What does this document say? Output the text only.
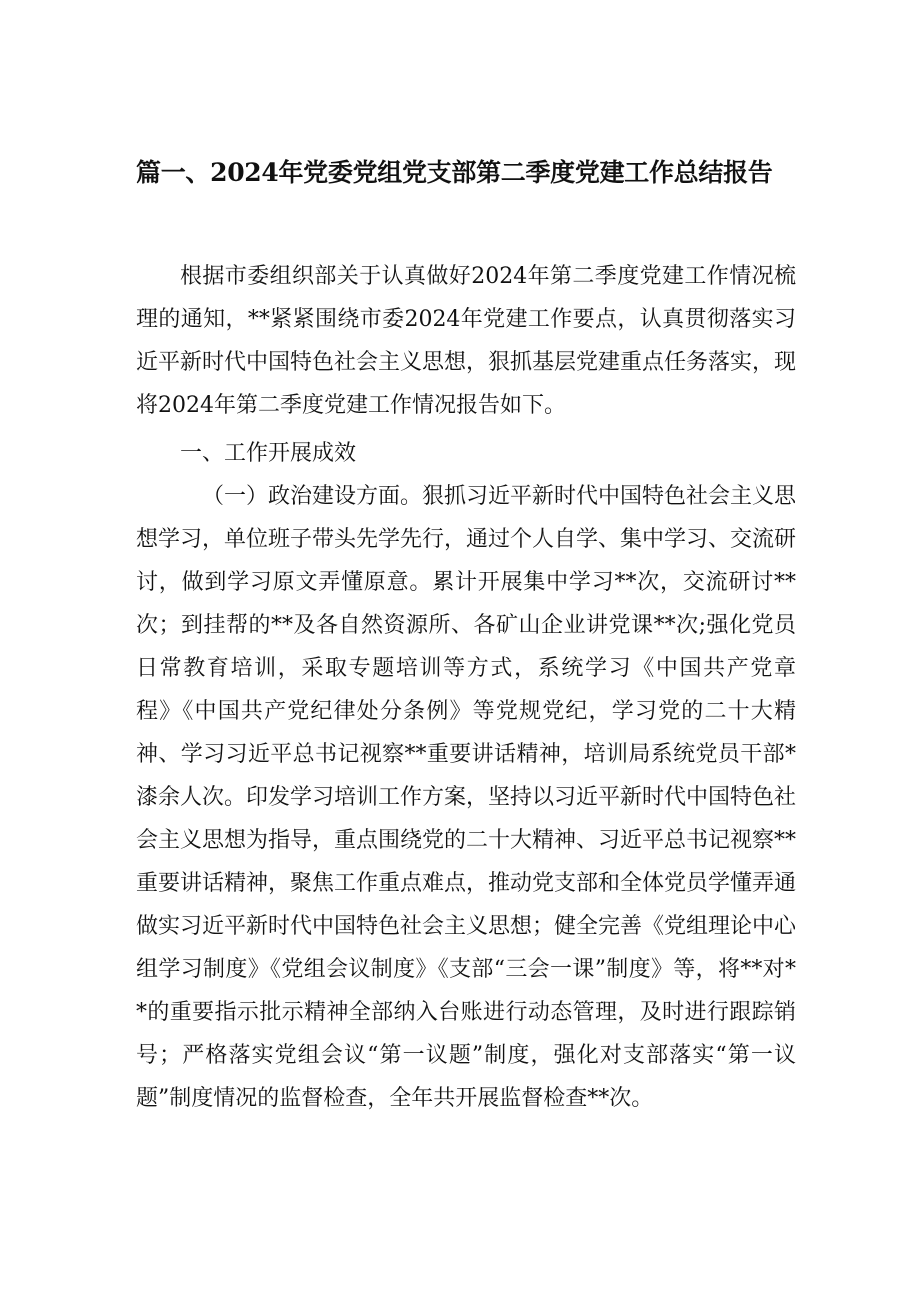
篇一、2024年党委党组党支部第二季度党建工作总结报告

根据市委组织部关于认真做好2024年第二季度党建工作情况梳理的通知，**紧紧围绕市委2024年党建工作要点，认真贯彻落实习近平新时代中国特色社会主义思想，狠抓基层党建重点任务落实，现将2024年第二季度党建工作情况报告如下。

一、工作开展成效

（一）政治建设方面。狠抓习近平新时代中国特色社会主义思想学习，单位班子带头先学先行，通过个人自学、集中学习、交流研讨，做到学习原文弄懂原意。累计开展集中学习**次，交流研讨**次；到挂帮的**及各自然资源所、各矿山企业讲党课**次;强化党员日常教育培训，采取专题培训等方式，系统学习《中国共产党章程》《中国共产党纪律处分条例》等党规党纪，学习党的二十大精神、学习习近平总书记视察**重要讲话精神，培训局系统党员干部*漆余人次。印发学习培训工作方案，坚持以习近平新时代中国特色社会主义思想为指导，重点围绕党的二十大精神、习近平总书记视察**重要讲话精神，聚焦工作重点难点，推动党支部和全体党员学懂弄通做实习近平新时代中国特色社会主义思想；健全完善《党组理论中心组学习制度》《党组会议制度》《支部“三会一课”制度》等，将**对**的重要指示批示精神全部纳入台账进行动态管理，及时进行跟踪销号；严格落实党组会议“第一议题”制度，强化对支部落实“第一议题”制度情况的监督检查，全年共开展监督检查**次。
